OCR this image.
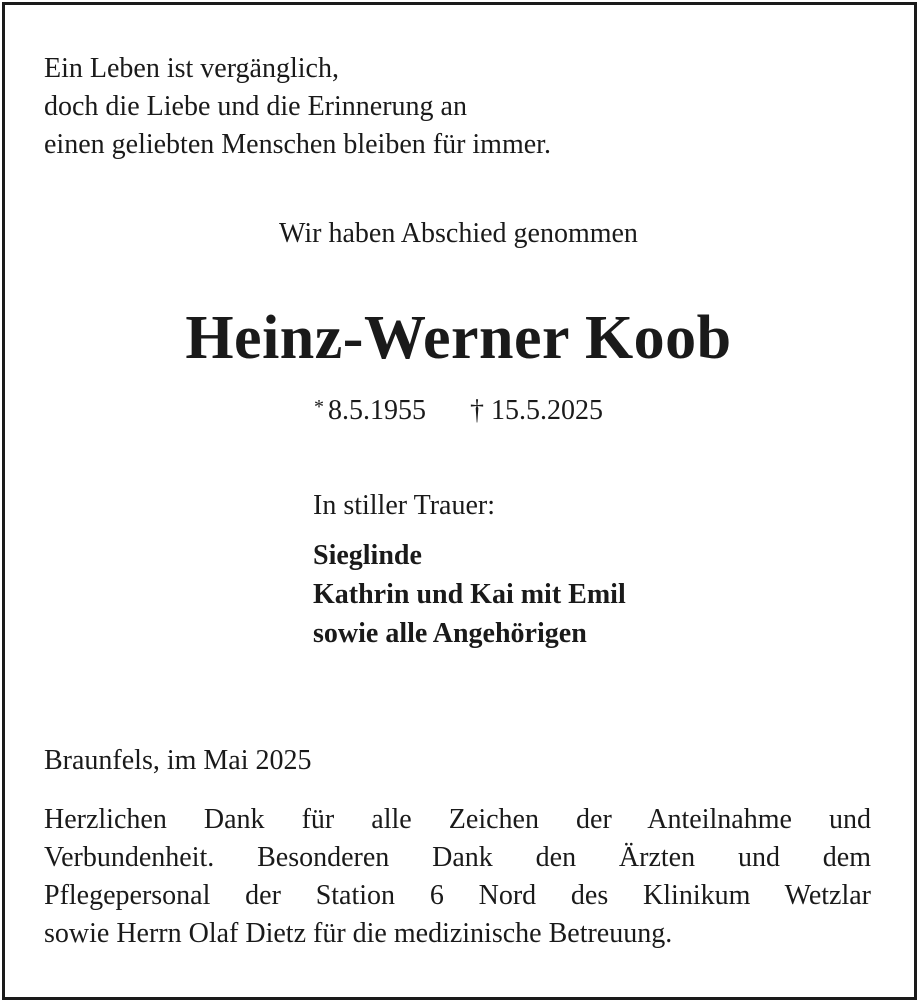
Ein Leben ist vergänglich,
doch die Liebe und die Erinnerung an
einen geliebten Menschen bleiben für immer.
Wir haben Abschied genommen
Heinz-Werner Koob
* 8.5.1955 † 15.5.2025
In stiller Trauer:
Sieglinde
Kathrin und Kai mit Emil
sowie alle Angehörigen
Braunfels, im Mai 2025
Herzlichen Dank für alle Zeichen der Anteilnahme und
Verbundenheit. Besonderen Dank den Ärzten und dem
Pflegepersonal der Station 6 Nord des Klinikum Wetzlar
sowie Herrn Olaf Dietz für die medizinische Betreuung.
